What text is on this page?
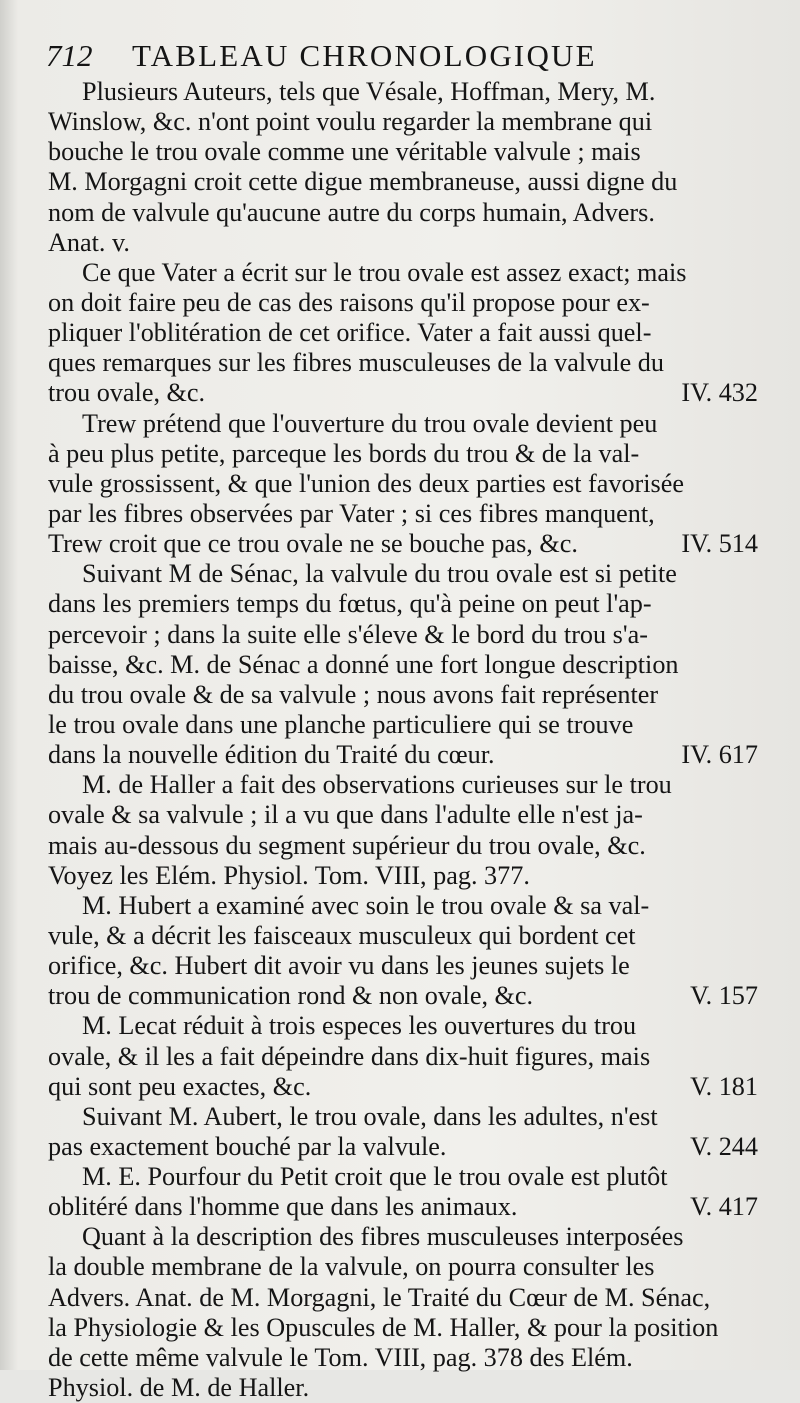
712 TABLEAU CHRONOLOGIQUE
Plusieurs Auteurs, tels que Vésale, Hoffman, Mery, M.
Winslow, &c. n'ont point voulu regarder la membrane qui
bouche le trou ovale comme une véritable valvule ; mais
M. Morgagni croit cette digue membraneuse, aussi digne du
nom de valvule qu'aucune autre du corps humain, Advers.
Anat. v.
Ce que Vater a écrit sur le trou ovale est assez exact; mais
on doit faire peu de cas des raisons qu'il propose pour ex-
pliquer l'oblitération de cet orifice. Vater a fait aussi quel-
ques remarques sur les fibres musculeuses de la valvule du
trou ovale, &c.	IV. 432
Trew prétend que l'ouverture du trou ovale devient peu
à peu plus petite, parceque les bords du trou & de la val-
vule grossissent, & que l'union des deux parties est favorisée
par les fibres observées par Vater ; si ces fibres manquent,
Trew croit que ce trou ovale ne se bouche pas, &c.	IV. 514
Suivant M de Sénac, la valvule du trou ovale est si petite
dans les premiers temps du fœtus, qu'à peine on peut l'ap-
percevoir ; dans la suite elle s'éleve & le bord du trou s'a-
baisse, &c. M. de Sénac a donné une fort longue description
du trou ovale & de sa valvule ; nous avons fait représenter
le trou ovale dans une planche particuliere qui se trouve
dans la nouvelle édition du Traité du cœur.	IV. 617
M. de Haller a fait des observations curieuses sur le trou
ovale & sa valvule ; il a vu que dans l'adulte elle n'est ja-
mais au-dessous du segment supérieur du trou ovale, &c.
Voyez les Elém. Physiol. Tom. VIII, pag. 377.
M. Hubert a examiné avec soin le trou ovale & sa val-
vule, & a décrit les faisceaux musculeux qui bordent cet
orifice, &c. Hubert dit avoir vu dans les jeunes sujets le
trou de communication rond & non ovale, &c.	V. 157
M. Lecat réduit à trois especes les ouvertures du trou
ovale, & il les a fait dépeindre dans dix-huit figures, mais
qui sont peu exactes, &c.	V. 181
Suivant M. Aubert, le trou ovale, dans les adultes, n'est
pas exactement bouché par la valvule.	V. 244
M. E. Pourfour du Petit croit que le trou ovale est plutôt
oblitéré dans l'homme que dans les animaux.	V. 417
Quant à la description des fibres musculeuses interposées
la double membrane de la valvule, on pourra consulter les
Advers. Anat. de M. Morgagni, le Traité du Cœur de M. Sénac,
la Physiologie & les Opuscules de M. Haller, & pour la position
de cette même valvule le Tom. VIII, pag. 378 des Elém.
Physiol. de M. de Haller.
